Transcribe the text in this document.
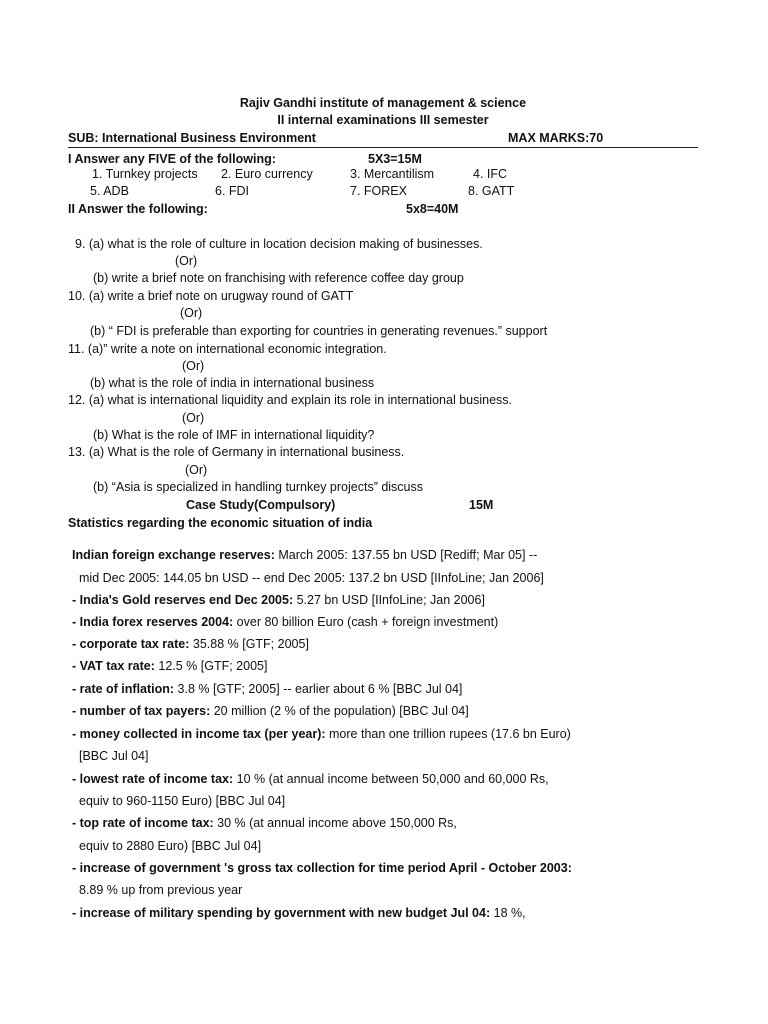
Rajiv Gandhi institute of management & science
II internal examinations III semester
SUB: International Business Environment	MAX MARKS:70
I Answer any FIVE of the following:	5X3=15M
1. Turnkey projects 2. Euro currency	3. Mercantilism	4. IFC
5. ADB	6. FDI	7. FOREX	8. GATT
II Answer the following:	5x8=40M
9. (a) what is the role of culture in location decision making of businesses.
(Or)
(b) write a brief note on franchising with reference coffee day group
10. (a) write a brief note on urugway round of GATT
(Or)
(b) “ FDI is preferable than exporting for countries in generating revenues.” support
11. (a)” write a note on international economic integration.
(Or)
(b) what is the role of india in international business
12. (a) what is international liquidity and explain its role in international business.
(Or)
(b) What is the role of IMF in international liquidity?
13. (a) What is the role of Germany in international business.
(Or)
(b) “Asia is specialized in handling turnkey projects” discuss
Case Study(Compulsory)	15M
Statistics regarding the economic situation of india
Indian foreign exchange reserves: March 2005: 137.55 bn USD [Rediff; Mar 05] --
mid Dec 2005: 144.05 bn USD -- end Dec 2005: 137.2 bn USD [IInfoLine; Jan 2006]
- India's Gold reserves end Dec 2005: 5.27 bn USD [IInfoLine; Jan 2006]
- India forex reserves 2004: over 80 billion Euro (cash + foreign investment)
- corporate tax rate: 35.88 % [GTF; 2005]
- VAT tax rate: 12.5 % [GTF; 2005]
- rate of inflation: 3.8 % [GTF; 2005] -- earlier about 6 % [BBC Jul 04]
- number of tax payers: 20 million (2 % of the population) [BBC Jul 04]
- money collected in income tax (per year): more than one trillion rupees (17.6 bn Euro)
[BBC Jul 04]
- lowest rate of income tax: 10 % (at annual income between 50,000 and 60,000 Rs,
equiv to 960-1150 Euro) [BBC Jul 04]
- top rate of income tax: 30 % (at annual income above 150,000 Rs,
equiv to 2880 Euro) [BBC Jul 04]
- increase of government 's gross tax collection for time period April - October 2003:
8.89 % up from previous year
- increase of military spending by government with new budget Jul 04: 18 %,
